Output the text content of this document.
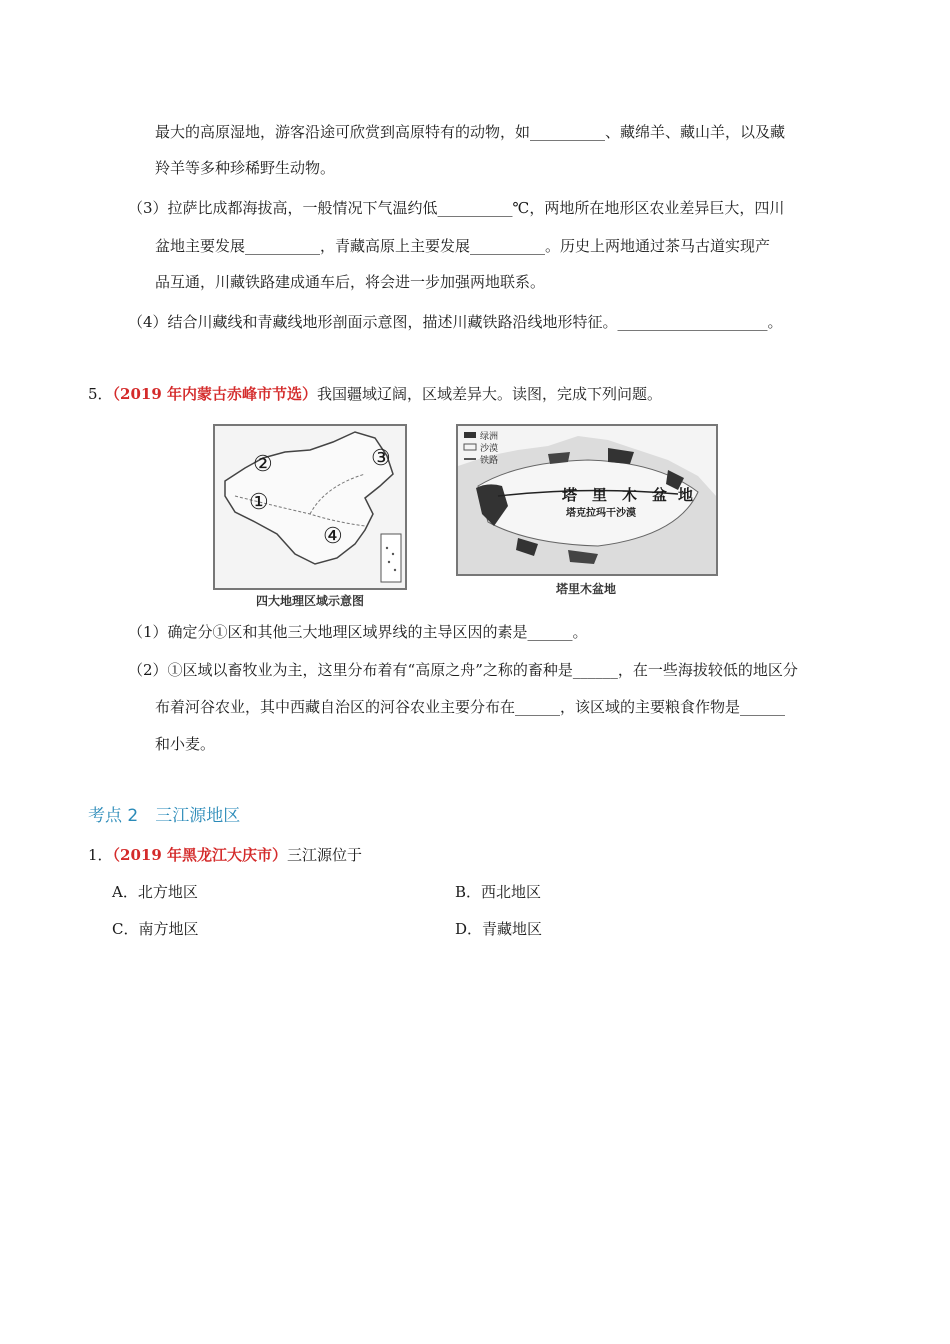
最大的高原湿地，游客沿途可欣赏到高原特有的动物，如__________、藏绵羊、藏山羊，以及藏
羚羊等多种珍稀野生动物。
（3）拉萨比成都海拔高，一般情况下气温约低__________℃，两地所在地形区农业差异巨大，四川
盆地主要发展__________，青藏高原上主要发展__________。历史上两地通过茶马古道实现产
品互通，川藏铁路建成通车后，将会进一步加强两地联系。
（4）结合川藏线和青藏线地形剖面示意图，描述川藏铁路沿线地形特征。____________________。
5．（2019 年内蒙古赤峰市节选）我国疆域辽阔，区域差异大。读图，完成下列问题。
②
①
③
④
四大地理区域示意图
绿洲
沙漠
铁路
塔 里 木 盆 地
塔克拉玛干沙漠
塔里木盆地
（1）确定分①区和其他三大地理区域界线的主导区因的素是______。
（2）①区域以畜牧业为主，这里分布着有“高原之舟”之称的畜种是______，在一些海拔较低的地区分
布着河谷农业，其中西藏自治区的河谷农业主要分布在______，该区域的主要粮食作物是______
和小麦。
考点 2　三江源地区
1．（2019 年黑龙江大庆市）三江源位于
A．北方地区	B．西北地区
C．南方地区	D．青藏地区
